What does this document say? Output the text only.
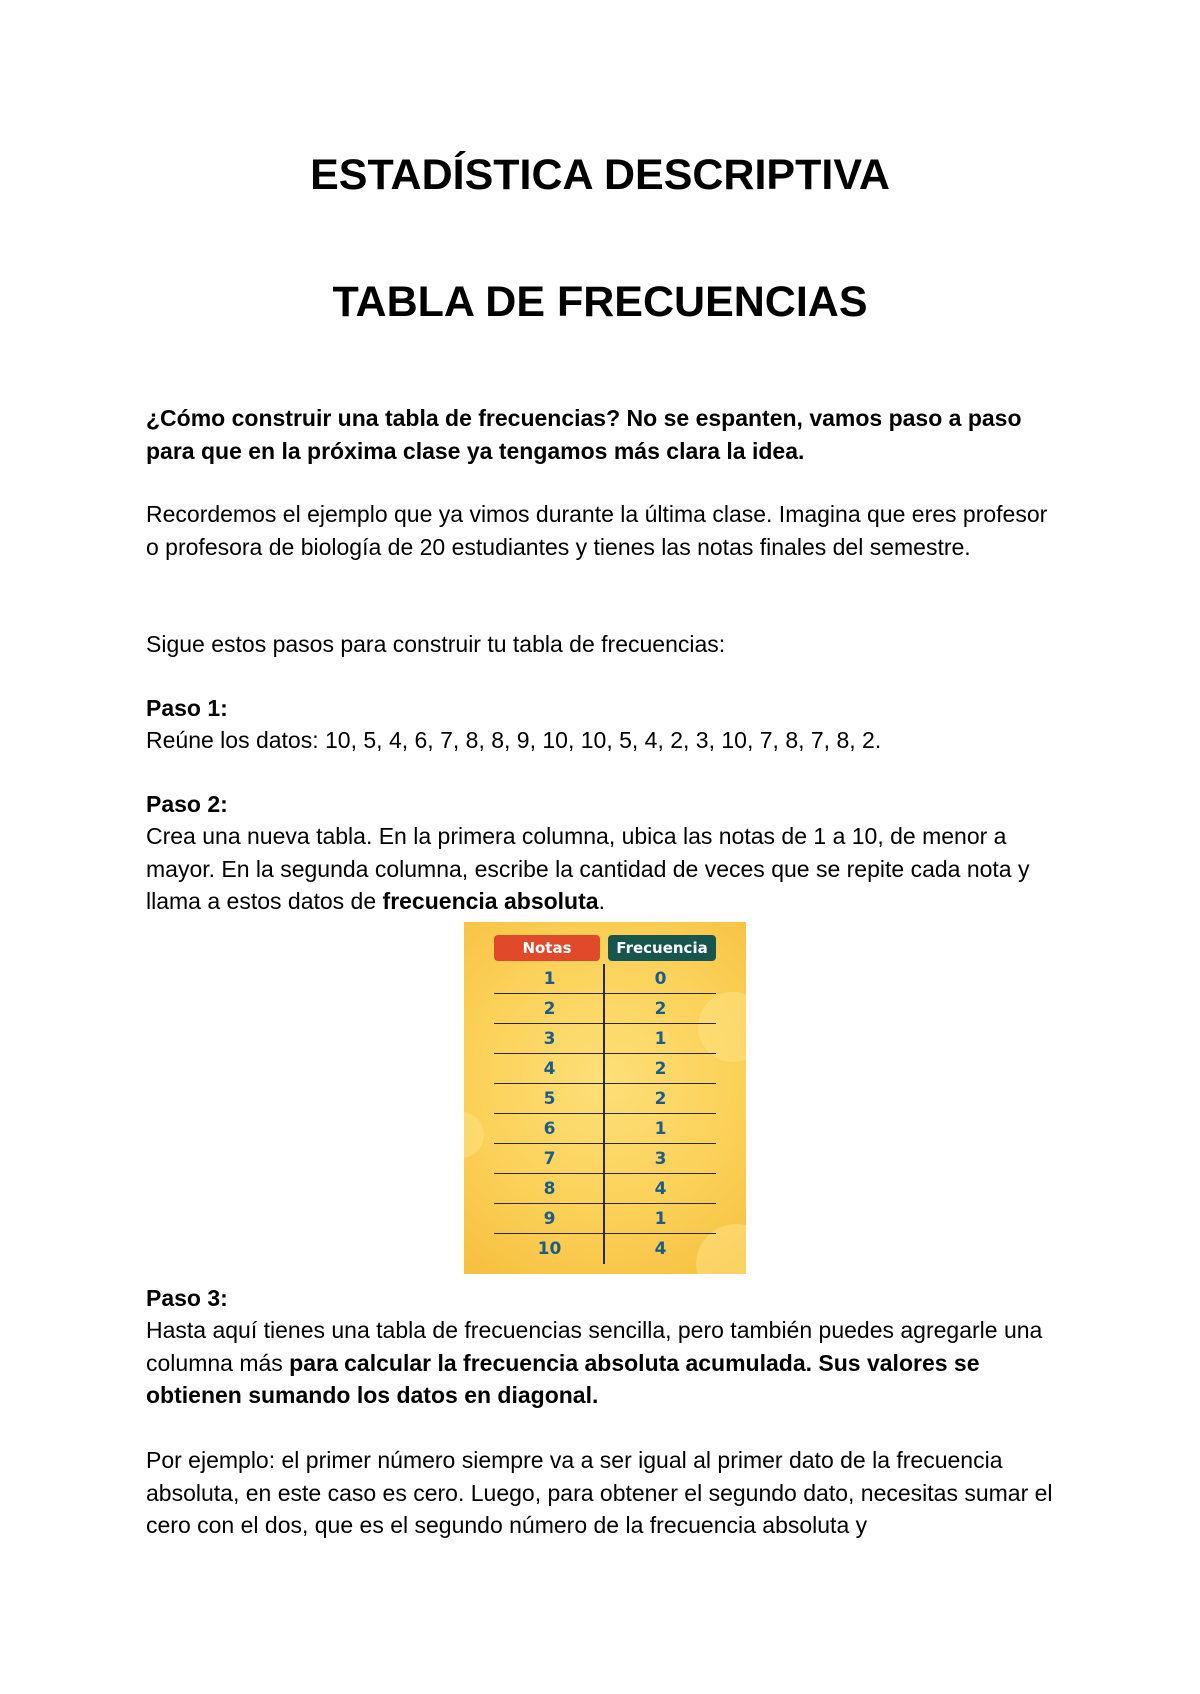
ESTADÍSTICA DESCRIPTIVA
TABLA DE FRECUENCIAS

¿Cómo construir una tabla de frecuencias? No se espanten, vamos paso a paso para que en la próxima clase ya tengamos más clara la idea.

Recordemos el ejemplo que ya vimos durante la última clase. Imagina que eres profesor o profesora de biología de 20 estudiantes y tienes las notas finales del semestre.

Sigue estos pasos para construir tu tabla de frecuencias:

Paso 1:

Reúne los datos: 10, 5, 4, 6, 7, 8, 8, 9, 10, 10, 5, 4, 2, 3, 10, 7, 8, 7, 8, 2.

Paso 2:

Crea una nueva tabla. En la primera columna, ubica las notas de 1 a 10, de menor a mayor. En la segunda columna, escribe la cantidad de veces que se repite cada nota y llama a estos datos de frecuencia absoluta.

Notas	Frecuencia
1	0
2	2
3	1
4	2
5	2
6	1
7	3
8	4
9	1
10	4

Paso 3:

Hasta aquí tienes una tabla de frecuencias sencilla, pero también puedes agregarle una columna más para calcular la frecuencia absoluta acumulada. Sus valores se obtienen sumando los datos en diagonal.

Por ejemplo: el primer número siempre va a ser igual al primer dato de la frecuencia absoluta, en este caso es cero. Luego, para obtener el segundo dato, necesitas sumar el cero con el dos, que es el segundo número de la frecuencia absoluta y
